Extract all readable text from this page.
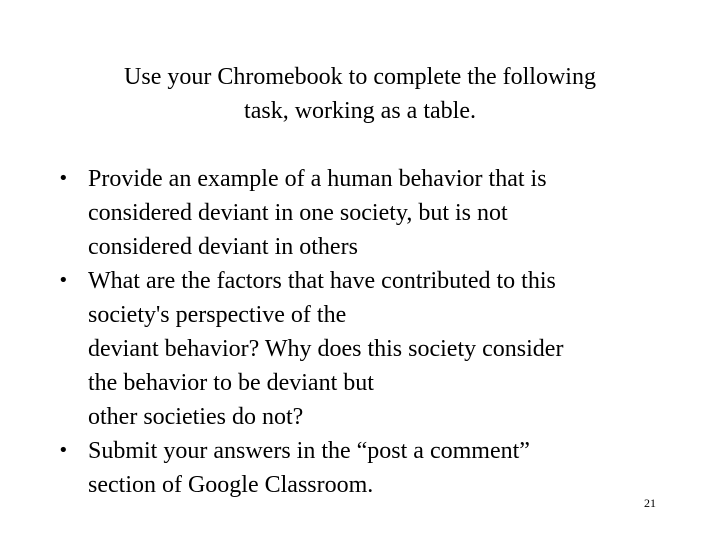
Use your Chromebook to complete the following
task, working as a table.
• Provide an example of a human behavior that is
considered deviant in one society, but is not
considered deviant in others
• What are the factors that have contributed to this
society's perspective of the
deviant behavior? Why does this society consider
the behavior to be deviant but
other societies do not?
• Submit your answers in the “post a comment”
section of Google Classroom.
21
